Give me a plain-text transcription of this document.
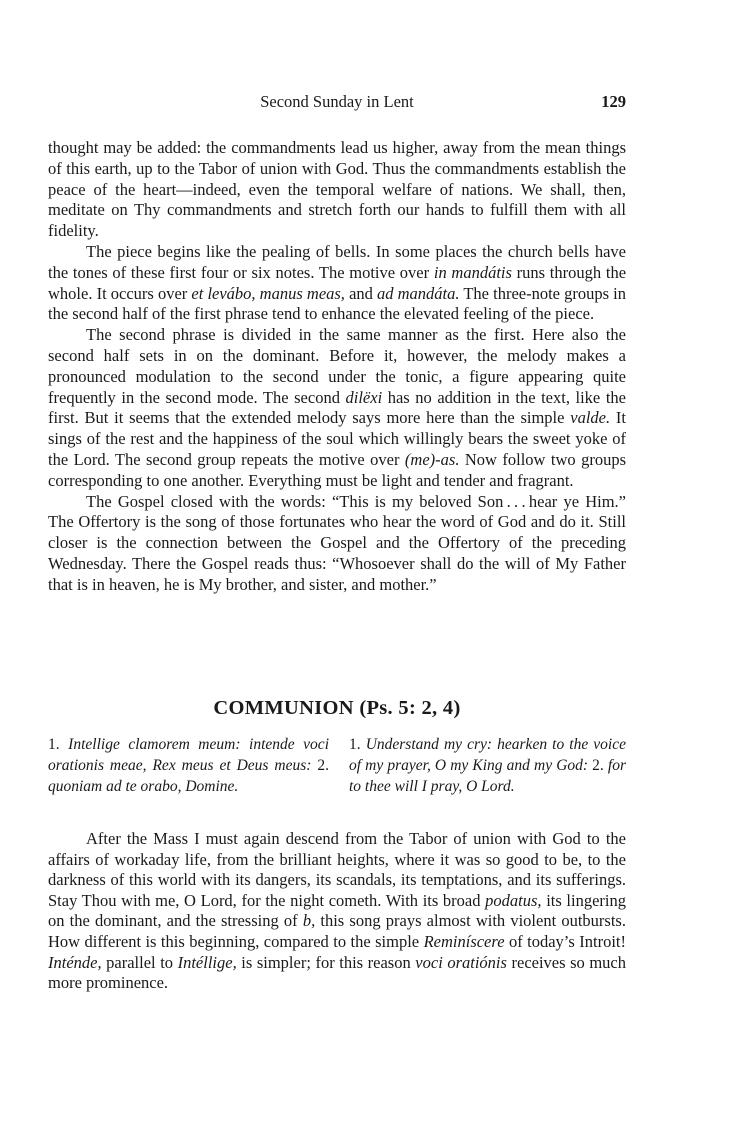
Second Sunday in Lent	129

thought may be added: the commandments lead us higher, away from the mean things of this earth, up to the Tabor of union with God. Thus the commandments establish the peace of the heart—indeed, even the temporal welfare of nations. We shall, then, meditate on Thy commandments and stretch forth our hands to fulfill them with all fidelity.

The piece begins like the pealing of bells. In some places the church bells have the tones of these first four or six notes. The motive over in mandátis runs through the whole. It occurs over et levábo, manus meas, and ad mandáta. The three-note groups in the second half of the first phrase tend to enhance the elevated feeling of the piece.

The second phrase is divided in the same manner as the first. Here also the second half sets in on the dominant. Before it, however, the melody makes a pronounced modulation to the second under the tonic, a figure appearing quite frequently in the second mode. The second dilëxi has no addition in the text, like the first. But it seems that the extended melody says more here than the simple valde. It sings of the rest and the happiness of the soul which willingly bears the sweet yoke of the Lord. The second group repeats the motive over (me)-as. Now follow two groups corresponding to one another. Everything must be light and tender and fragrant.

The Gospel closed with the words: “This is my beloved Son . . . hear ye Him.” The Offertory is the song of those fortunates who hear the word of God and do it. Still closer is the connection between the Gospel and the Offertory of the preceding Wednesday. There the Gospel reads thus: “Whosoever shall do the will of My Father that is in heaven, he is My brother, and sister, and mother.”

COMMUNION (Ps. 5: 2, 4)
1. Intellige clamorem meum: intende voci orationis meae, Rex meus et Deus meus: 2. quoniam ad te orabo, Domine.
1. Understand my cry: hearken to the voice of my prayer, O my King and my God: 2. for to thee will I pray, O Lord.

After the Mass I must again descend from the Tabor of union with God to the affairs of workaday life, from the brilliant heights, where it was so good to be, to the darkness of this world with its dangers, its scandals, its temptations, and its sufferings. Stay Thou with me, O Lord, for the night cometh. With its broad podatus, its lingering on the dominant, and the stressing of b, this song prays almost with violent outbursts. How different is this beginning, compared to the simple Reminíscere of today’s Introit! Inténde, parallel to Intéllige, is simpler; for this reason voci oratiónis receives so much more prominence.
